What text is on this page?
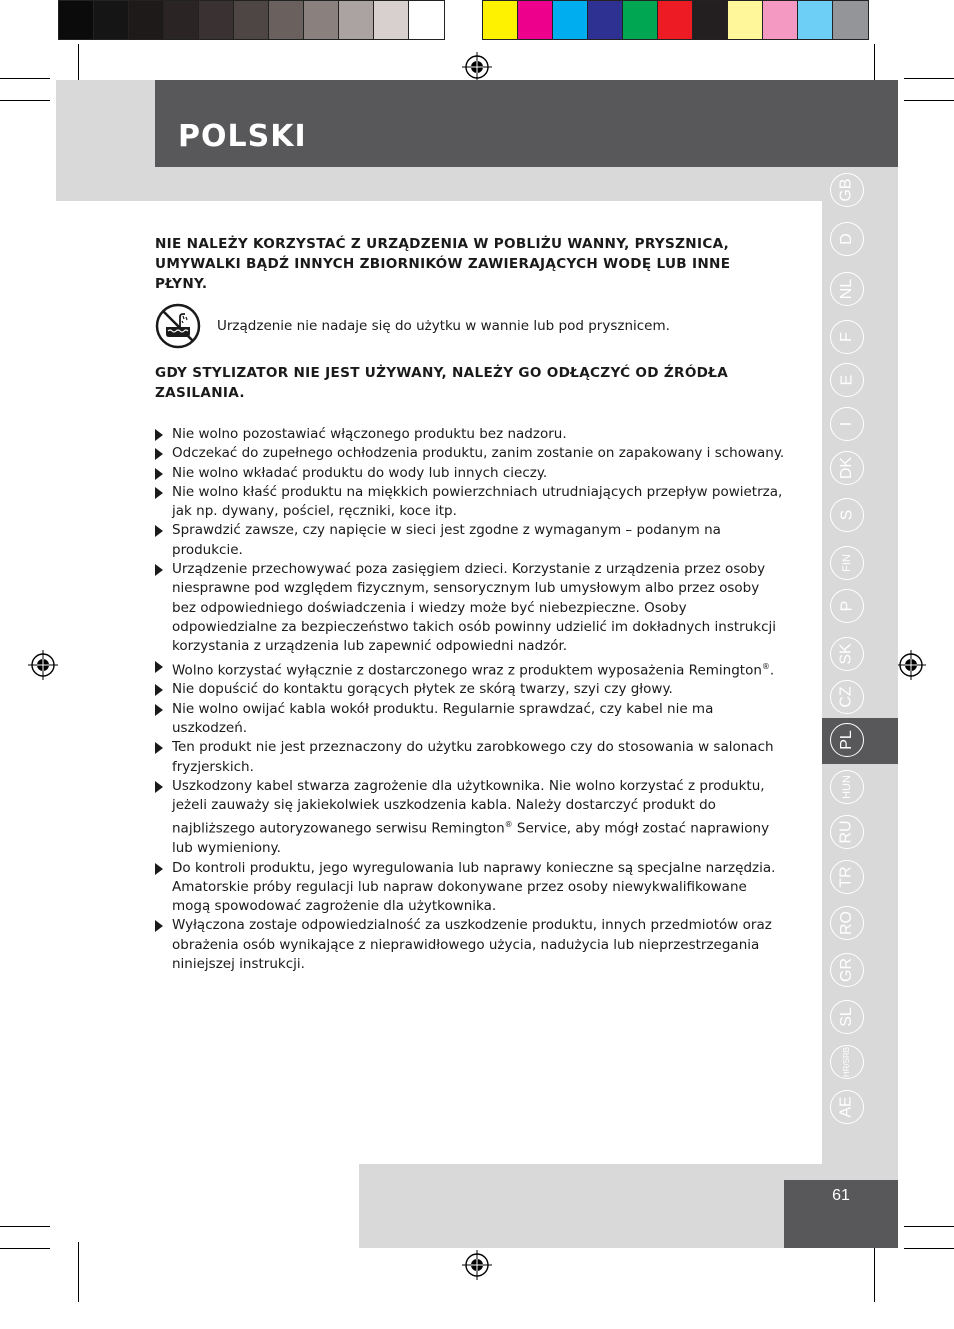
POLSKI
GB
D
NL
F
E
I
DK
S
FIN
P
SK
CZ
PL
HUN
RU
TR
RO
GR
SL
HR/SRB
AE
61

NIE NALEŻY KORZYSTAĆ Z URZĄDZENIA W POBLIŻU WANNY, PRYSZNICA, UMYWALKI BĄDŹ INNYCH ZBIORNIKÓW ZAWIERAJĄCYCH WODĘ LUB INNE PŁYNY.

Urządzenie nie nadaje się do użytku w wannie lub pod prysznicem.

GDY STYLIZATOR NIE JEST UŻYWANY, NALEŻY GO ODŁĄCZYĆ OD ŹRÓDŁA ZASILANIA.

Nie wolno pozostawiać włączonego produktu bez nadzoru.
Odczekać do zupełnego ochłodzenia produktu, zanim zostanie on zapakowany i schowany.
Nie wolno wkładać produktu do wody lub innych cieczy.
Nie wolno kłaść produktu na miękkich powierzchniach utrudniających przepływ powietrza, jak np. dywany, pościel, ręczniki, koce itp.
Sprawdzić zawsze, czy napięcie w sieci jest zgodne z wymaganym – podanym na produkcie.
Urządzenie przechowywać poza zasięgiem dzieci. Korzystanie z urządzenia przez osoby niesprawne pod względem fizycznym, sensorycznym lub umysłowym albo przez osoby bez odpowiedniego doświadczenia i wiedzy może być niebezpieczne. Osoby odpowiedzialne za bezpieczeństwo takich osób powinny udzielić im dokładnych instrukcji korzystania z urządzenia lub zapewnić odpowiedni nadzór.
Wolno korzystać wyłącznie z dostarczonego wraz z produktem wyposażenia Remington®.
Nie dopuścić do kontaktu gorących płytek ze skórą twarzy, szyi czy głowy.
Nie wolno owijać kabla wokół produktu. Regularnie sprawdzać, czy kabel nie ma uszkodzeń.
Ten produkt nie jest przeznaczony do użytku zarobkowego czy do stosowania w salonach fryzjerskich.
Uszkodzony kabel stwarza zagrożenie dla użytkownika. Nie wolno korzystać z produktu, jeżeli zauważy się jakiekolwiek uszkodzenia kabla. Należy dostarczyć produkt do najbliższego autoryzowanego serwisu Remington® Service, aby mógł zostać naprawiony lub wymieniony.
Do kontroli produktu, jego wyregulowania lub naprawy konieczne są specjalne narzędzia. Amatorskie próby regulacji lub napraw dokonywane przez osoby niewykwalifikowane mogą spowodować zagrożenie dla użytkownika.
Wyłączona zostaje odpowiedzialność za uszkodzenie produktu, innych przedmiotów oraz obrażenia osób wynikające z nieprawidłowego użycia, nadużycia lub nieprzestrzegania niniejszej instrukcji.
